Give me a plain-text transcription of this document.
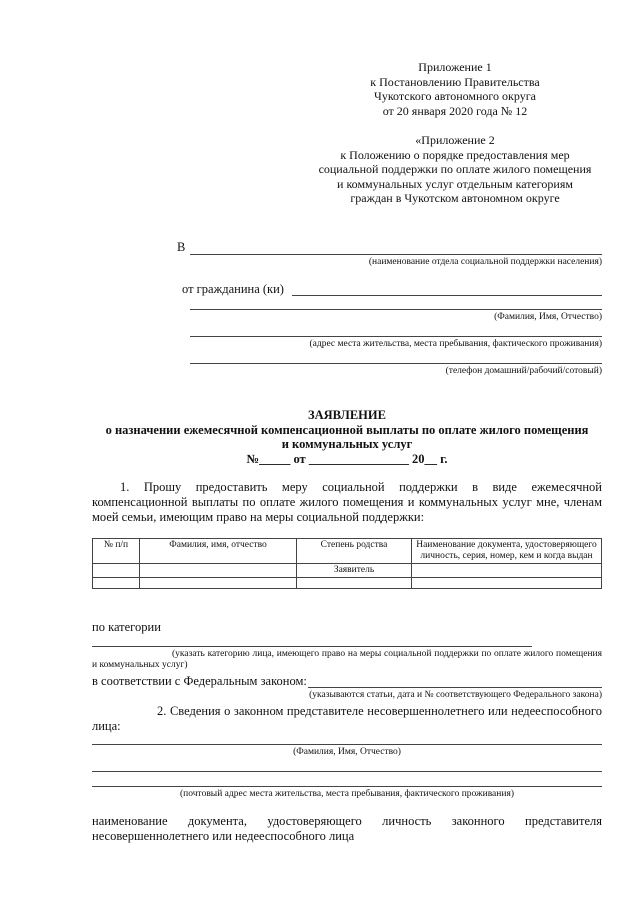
Приложение 1
к Постановлению Правительства
Чукотского автономного округа
от 20 января 2020 года № 12
«Приложение 2
к Положению о порядке предоставления мер
социальной поддержки по оплате жилого помещения
и коммунальных услуг отдельным категориям
граждан в Чукотском автономном округе
В
(наименование отдела социальной поддержки населения)
от гражданина (ки)
(Фамилия, Имя, Отчество)
(адрес места жительства, места пребывания, фактического проживания)
(телефон домашний/рабочий/сотовый)
ЗАЯВЛЕНИЕ
о назначении ежемесячной компенсационной выплаты по оплате жилого помещения
и коммунальных услуг
№_____ от ________________ 20__ г.
1. Прошу предоставить меру социальной поддержки в виде ежемесячной компенсационной выплаты по оплате жилого помещения и коммунальных услуг мне, членам моей семьи, имеющим право на меры социальной поддержки:
№ п/п	Фамилия, имя, отчество	Степень родства	Наименование документа, удостоверяющего личность, серия, номер, кем и когда выдан
		Заявитель	

по категории
(указать категорию лица, имеющего право на меры социальной поддержки по оплате жилого помещения и коммунальных услуг)
в соответствии с Федеральным законом:
(указываются статьи, дата и № соответствующего Федерального закона)
2. Сведения о законном представителе несовершеннолетнего или недееспособного лица:
(Фамилия, Имя, Отчество)
(почтовый адрес места жительства, места пребывания, фактического проживания)
наименование документа, удостоверяющего личность законного представителя несовершеннолетнего или недееспособного лица
